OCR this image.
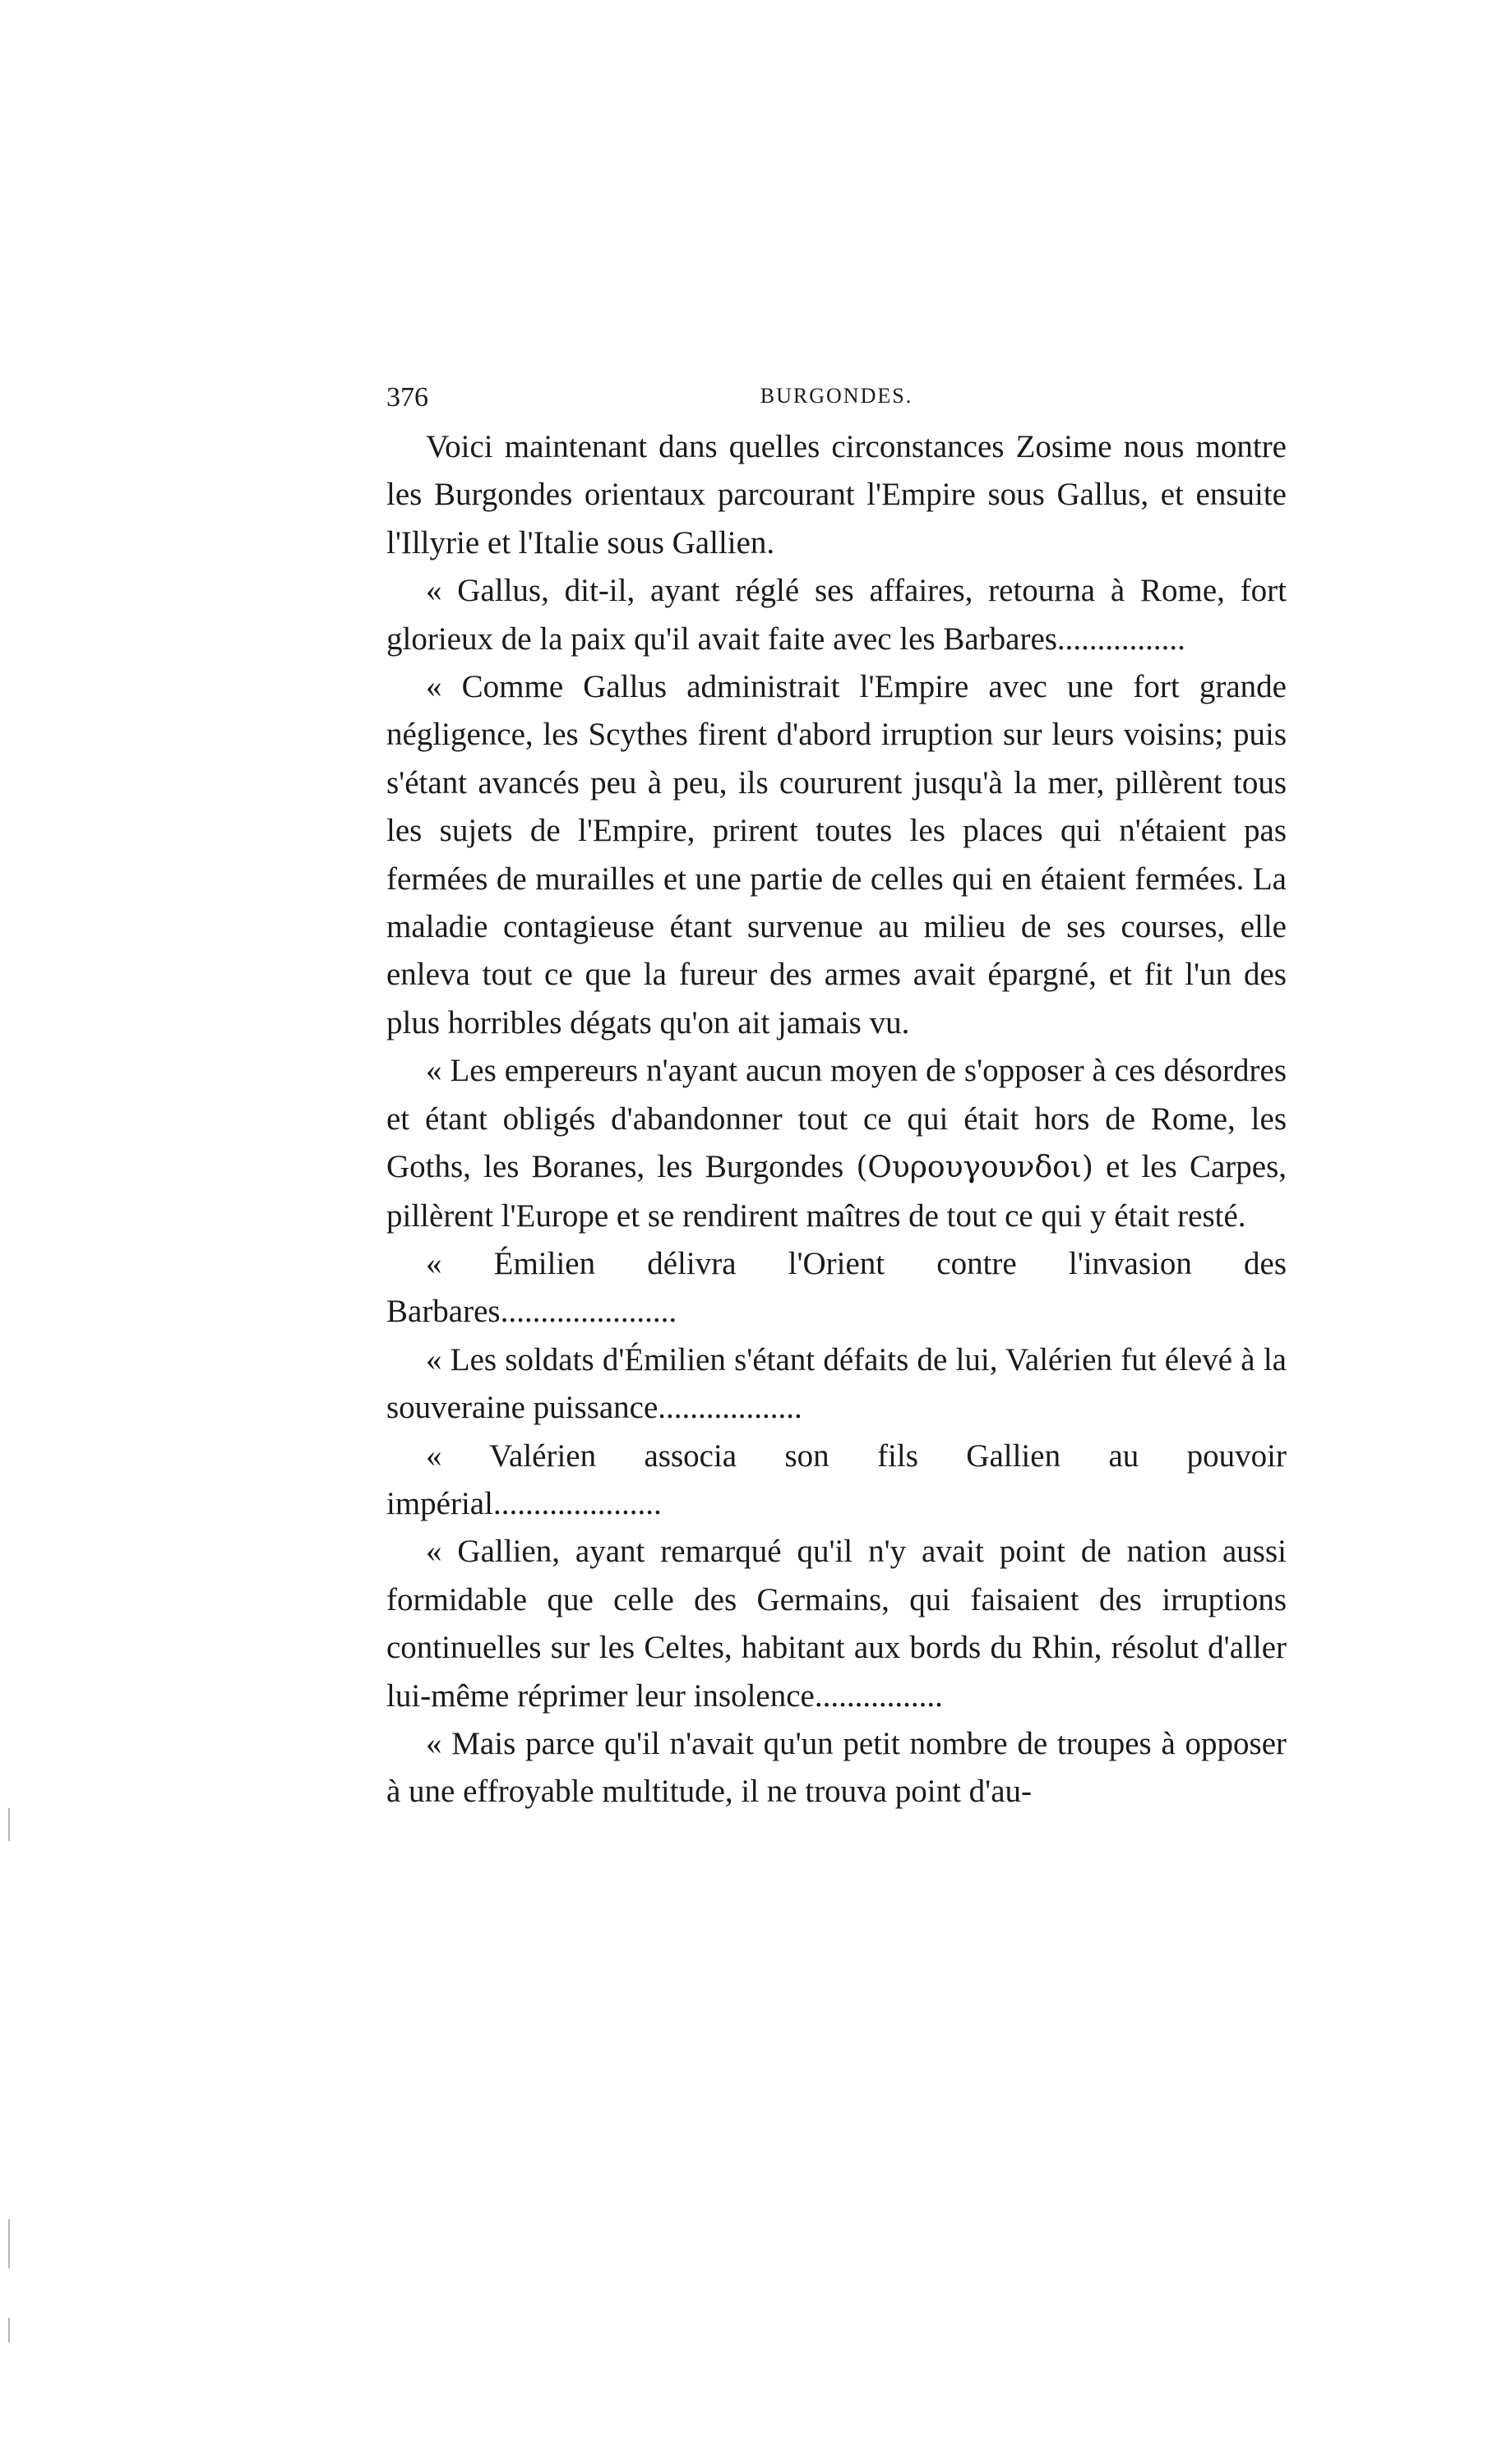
376	BURGONDES.

Voici maintenant dans quelles circonstances Zosime nous montre les Burgondes orientaux parcourant l'Empire sous Gallus, et ensuite l'Illyrie et l'Italie sous Gallien.

« Gallus, dit-il, ayant réglé ses affaires, retourna à Rome, fort glorieux de la paix qu'il avait faite avec les Barbares................

« Comme Gallus administrait l'Empire avec une fort grande négligence, les Scythes firent d'abord irruption sur leurs voisins; puis s'étant avancés peu à peu, ils coururent jusqu'à la mer, pillèrent tous les sujets de l'Empire, prirent toutes les places qui n'étaient pas fermées de murailles et une partie de celles qui en étaient fermées. La maladie contagieuse étant survenue au milieu de ses courses, elle enleva tout ce que la fureur des armes avait épargné, et fit l'un des plus horribles dégats qu'on ait jamais vu.

« Les empereurs n'ayant aucun moyen de s'opposer à ces désordres et étant obligés d'abandonner tout ce qui était hors de Rome, les Goths, les Boranes, les Burgondes (Ουρουγουνδοι) et les Carpes, pillèrent l'Europe et se rendirent maîtres de tout ce qui y était resté.

« Émilien délivra l'Orient contre l'invasion des Barbares......................

« Les soldats d'Émilien s'étant défaits de lui, Valérien fut élevé à la souveraine puissance..................

« Valérien associa son fils Gallien au pouvoir impérial.....................

« Gallien, ayant remarqué qu'il n'y avait point de nation aussi formidable que celle des Germains, qui faisaient des irruptions continuelles sur les Celtes, habitant aux bords du Rhin, résolut d'aller lui-même réprimer leur insolence................

« Mais parce qu'il n'avait qu'un petit nombre de troupes à opposer à une effroyable multitude, il ne trouva point d'au-
